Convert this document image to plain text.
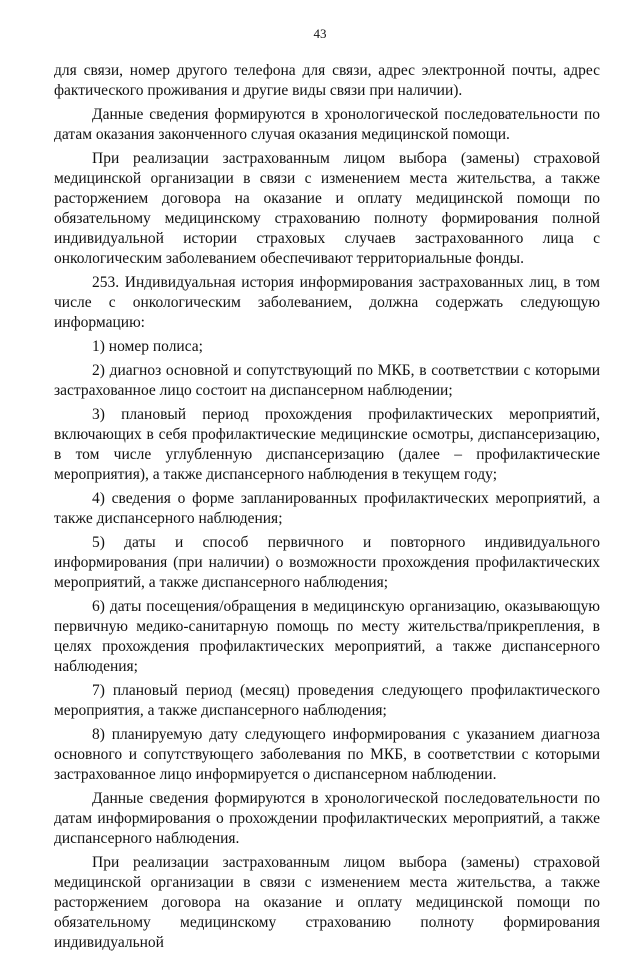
43

для связи, номер другого телефона для связи, адрес электронной почты, адрес фактического проживания и другие виды связи при наличии).

Данные сведения формируются в хронологической последовательности по датам оказания законченного случая оказания медицинской помощи.

При реализации застрахованным лицом выбора (замены) страховой медицинской организации в связи с изменением места жительства, а также расторжением договора на оказание и оплату медицинской помощи по обязательному медицинскому страхованию полноту формирования полной индивидуальной истории страховых случаев застрахованного лица с онкологическим заболеванием обеспечивают территориальные фонды.

253. Индивидуальная история информирования застрахованных лиц, в том числе с онкологическим заболеванием, должна содержать следующую информацию:

1) номер полиса;

2) диагноз основной и сопутствующий по МКБ, в соответствии с которыми застрахованное лицо состоит на диспансерном наблюдении;

3) плановый период прохождения профилактических мероприятий, включающих в себя профилактические медицинские осмотры, диспансеризацию, в том числе углубленную диспансеризацию (далее – профилактические мероприятия), а также диспансерного наблюдения в текущем году;

4) сведения о форме запланированных профилактических мероприятий, а также диспансерного наблюдения;

5) даты и способ первичного и повторного индивидуального информирования (при наличии) о возможности прохождения профилактических мероприятий, а также диспансерного наблюдения;

6) даты посещения/обращения в медицинскую организацию, оказывающую первичную медико-санитарную помощь по месту жительства/прикрепления, в целях прохождения профилактических мероприятий, а также диспансерного наблюдения;

7) плановый период (месяц) проведения следующего профилактического мероприятия, а также диспансерного наблюдения;

8) планируемую дату следующего информирования с указанием диагноза основного и сопутствующего заболевания по МКБ, в соответствии с которыми застрахованное лицо информируется о диспансерном наблюдении.

Данные сведения формируются в хронологической последовательности по датам информирования о прохождении профилактических мероприятий, а также диспансерного наблюдения.

При реализации застрахованным лицом выбора (замены) страховой медицинской организации в связи с изменением места жительства, а также расторжением договора на оказание и оплату медицинской помощи по обязательному медицинскому страхованию полноту формирования индивидуальной
